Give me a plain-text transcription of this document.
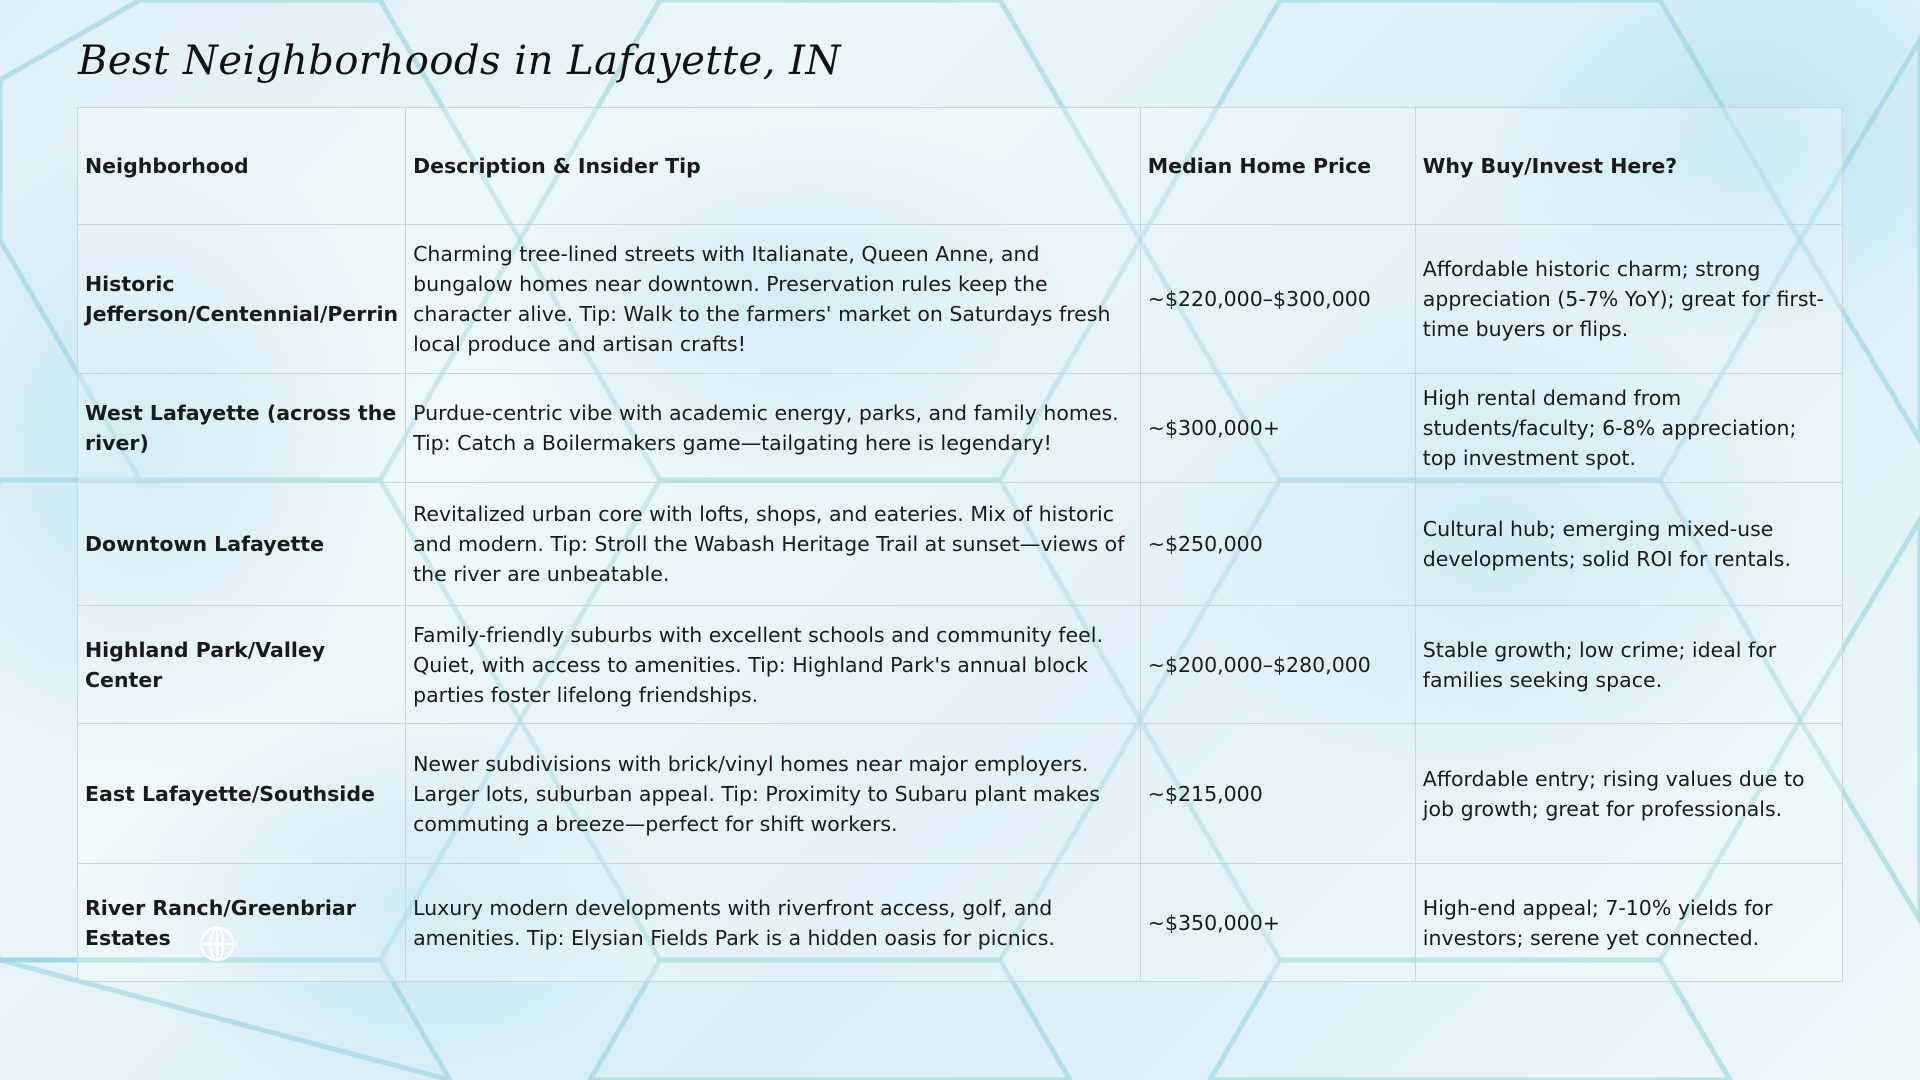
Best Neighborhoods in Lafayette, IN
Neighborhood	Description & Insider Tip	Median Home Price	Why Buy/Invest Here?
Historic Jefferson/Centennial/Perrin	Charming tree-lined streets with Italianate, Queen Anne, and bungalow homes near downtown. Preservation rules keep the character alive. Tip: Walk to the farmers' market on Saturdays fresh local produce and artisan crafts!	~$220,000–$300,000	Affordable historic charm; strong appreciation (5-7% YoY); great for first-time buyers or flips.
West Lafayette (across the river)	Purdue-centric vibe with academic energy, parks, and family homes. Tip: Catch a Boilermakers game—tailgating here is legendary!	~$300,000+	High rental demand from students/faculty; 6-8% appreciation; top investment spot.
Downtown Lafayette	Revitalized urban core with lofts, shops, and eateries. Mix of historic and modern. Tip: Stroll the Wabash Heritage Trail at sunset—views of the river are unbeatable.	~$250,000	Cultural hub; emerging mixed-use developments; solid ROI for rentals.
Highland Park/Valley Center	Family-friendly suburbs with excellent schools and community feel. Quiet, with access to amenities. Tip: Highland Park's annual block parties foster lifelong friendships.	~$200,000–$280,000	Stable growth; low crime; ideal for families seeking space.
East Lafayette/Southside	Newer subdivisions with brick/vinyl homes near major employers. Larger lots, suburban appeal. Tip: Proximity to Subaru plant makes commuting a breeze—perfect for shift workers.	~$215,000	Affordable entry; rising values due to job growth; great for professionals.
River Ranch/Greenbriar Estates	Luxury modern developments with riverfront access, golf, and amenities. Tip: Elysian Fields Park is a hidden oasis for picnics.	~$350,000+	High-end appeal; 7-10% yields for investors; serene yet connected.
